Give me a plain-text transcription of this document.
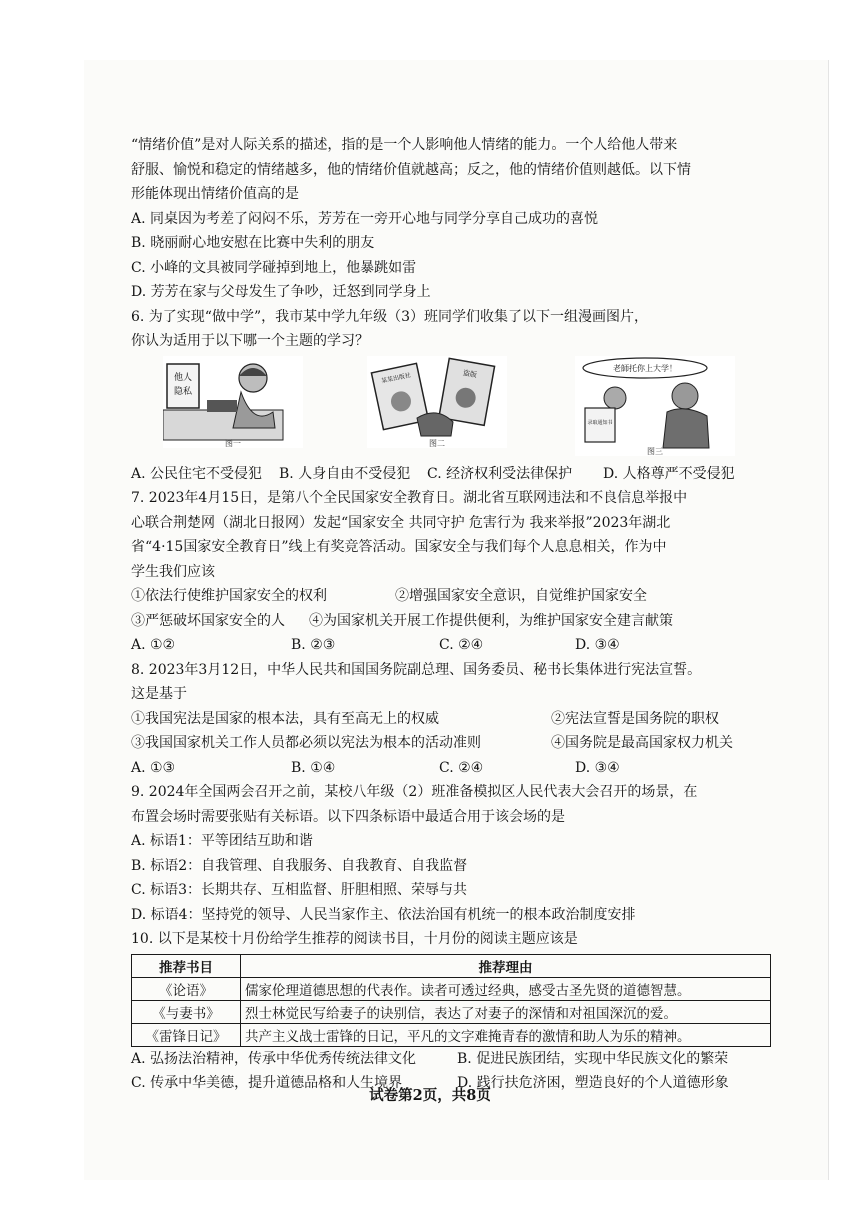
“情绪价值”是对人际关系的描述，指的是一个人影响他人情绪的能力。一个人给他人带来
舒服、愉悦和稳定的情绪越多，他的情绪价值就越高；反之，他的情绪价值则越低。以下情
形能体现出情绪价值高的是
A. 同桌因为考差了闷闷不乐，芳芳在一旁开心地与同学分享自己成功的喜悦
B. 晓丽耐心地安慰在比赛中失利的朋友
C. 小峰的文具被同学碰掉到地上，他暴跳如雷
D. 芳芳在家与父母发生了争吵，迁怒到同学身上
6. 为了实现“做中学”，我市某中学九年级（3）班同学们收集了以下一组漫画图片，
你认为适用于以下哪一个主题的学习？
他人
隐私
图一
某某出版社	盗版
图二
老師托你上大学！
录取通知书
图三
A. 公民住宅不受侵犯	B. 人身自由不受侵犯	C. 经济权利受法律保护	D. 人格尊严不受侵犯
7. 2023年4月15日，是第八个全民国家安全教育日。湖北省互联网违法和不良信息举报中
心联合荆楚网（湖北日报网）发起“国家安全 共同守护 危害行为 我来举报”2023年湖北
省“4·15国家安全教育日”线上有奖竞答活动。国家安全与我们每个人息息相关，作为中
学生我们应该
①依法行使维护国家安全的权利	②增强国家安全意识，自觉维护国家安全
③严惩破坏国家安全的人	④为国家机关开展工作提供便利，为维护国家安全建言献策
A. ①②	B. ②③	C. ②④	D. ③④
8. 2023年3月12日，中华人民共和国国务院副总理、国务委员、秘书长集体进行宪法宣誓。
这是基于
①我国宪法是国家的根本法，具有至高无上的权威	②宪法宣誓是国务院的职权
③我国国家机关工作人员都必须以宪法为根本的活动准则	④国务院是最高国家权力机关
A. ①③	B. ①④	C. ②④	D. ③④
9. 2024年全国两会召开之前，某校八年级（2）班准备模拟区人民代表大会召开的场景，在
布置会场时需要张贴有关标语。以下四条标语中最适合用于该会场的是
A. 标语1：平等团结互助和谐
B. 标语2：自我管理、自我服务、自我教育、自我监督
C. 标语3：长期共存、互相监督、肝胆相照、荣辱与共
D. 标语4：坚持党的领导、人民当家作主、依法治国有机统一的根本政治制度安排
10. 以下是某校十月份给学生推荐的阅读书目，十月份的阅读主题应该是
推荐书目	推荐理由
《论语》	儒家伦理道德思想的代表作。读者可透过经典，感受古圣先贤的道德智慧。
《与妻书》	烈士林觉民写给妻子的诀别信，表达了对妻子的深情和对祖国深沉的爱。
《雷锋日记》	共产主义战士雷锋的日记，平凡的文字难掩青春的激情和助人为乐的精神。
A. 弘扬法治精神，传承中华优秀传统法律文化	B. 促进民族团结，实现中华民族文化的繁荣
C. 传承中华美德，提升道德品格和人生境界	D. 践行扶危济困，塑造良好的个人道德形象
试卷第2页，共8页
